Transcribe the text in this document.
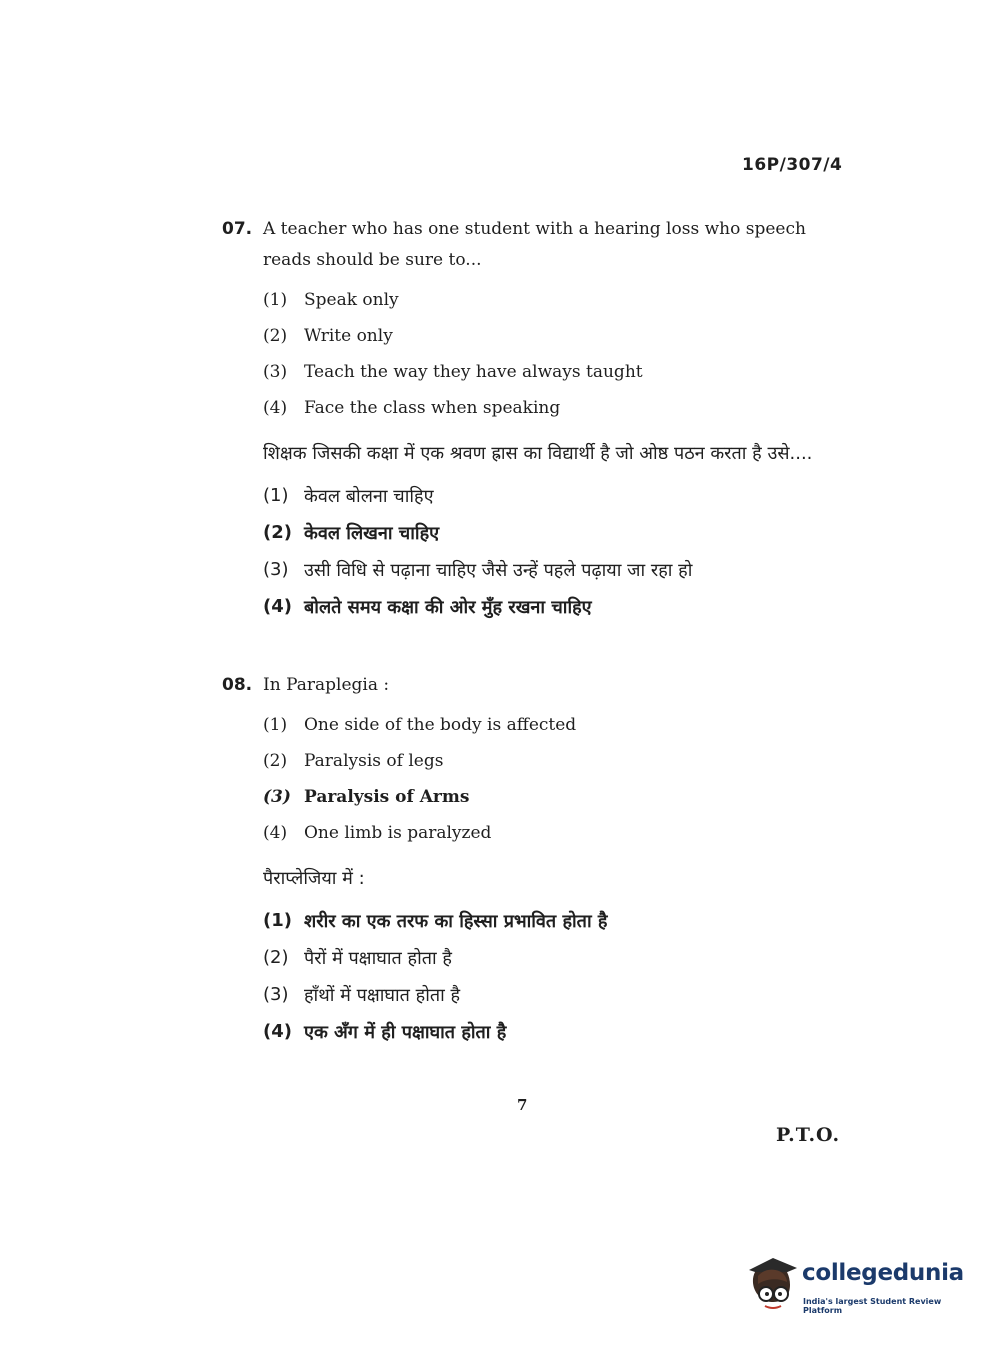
16P/307/4
07. A teacher who has one student with a hearing loss who speech reads should be sure to...
(1) Speak only
(2) Write only
(3) Teach the way they have always taught
(4) Face the class when speaking
शिक्षक जिसकी कक्षा में एक श्रवण ह्रास का विद्यार्थी है जो ओष्ठ पठन करता है उसे....
(1) केवल बोलना चाहिए
(2) केवल लिखना चाहिए
(3) उसी विधि से पढ़ाना चाहिए जैसे उन्हें पहले पढ़ाया जा रहा हो
(4) बोलते समय कक्षा की ओर मुँह रखना चाहिए
08. In Paraplegia :
(1) One side of the body is affected
(2) Paralysis of legs
(3) Paralysis of Arms
(4) One limb is paralyzed
पैराप्लेजिया में :
(1) शरीर का एक तरफ का हिस्सा प्रभावित होता है
(2) पैरों में पक्षाघात होता है
(3) हाँथों में पक्षाघात होता है
(4) एक अँग में ही पक्षाघात होता है
7
P.T.O.
collegedunia
India's largest Student Review Platform
